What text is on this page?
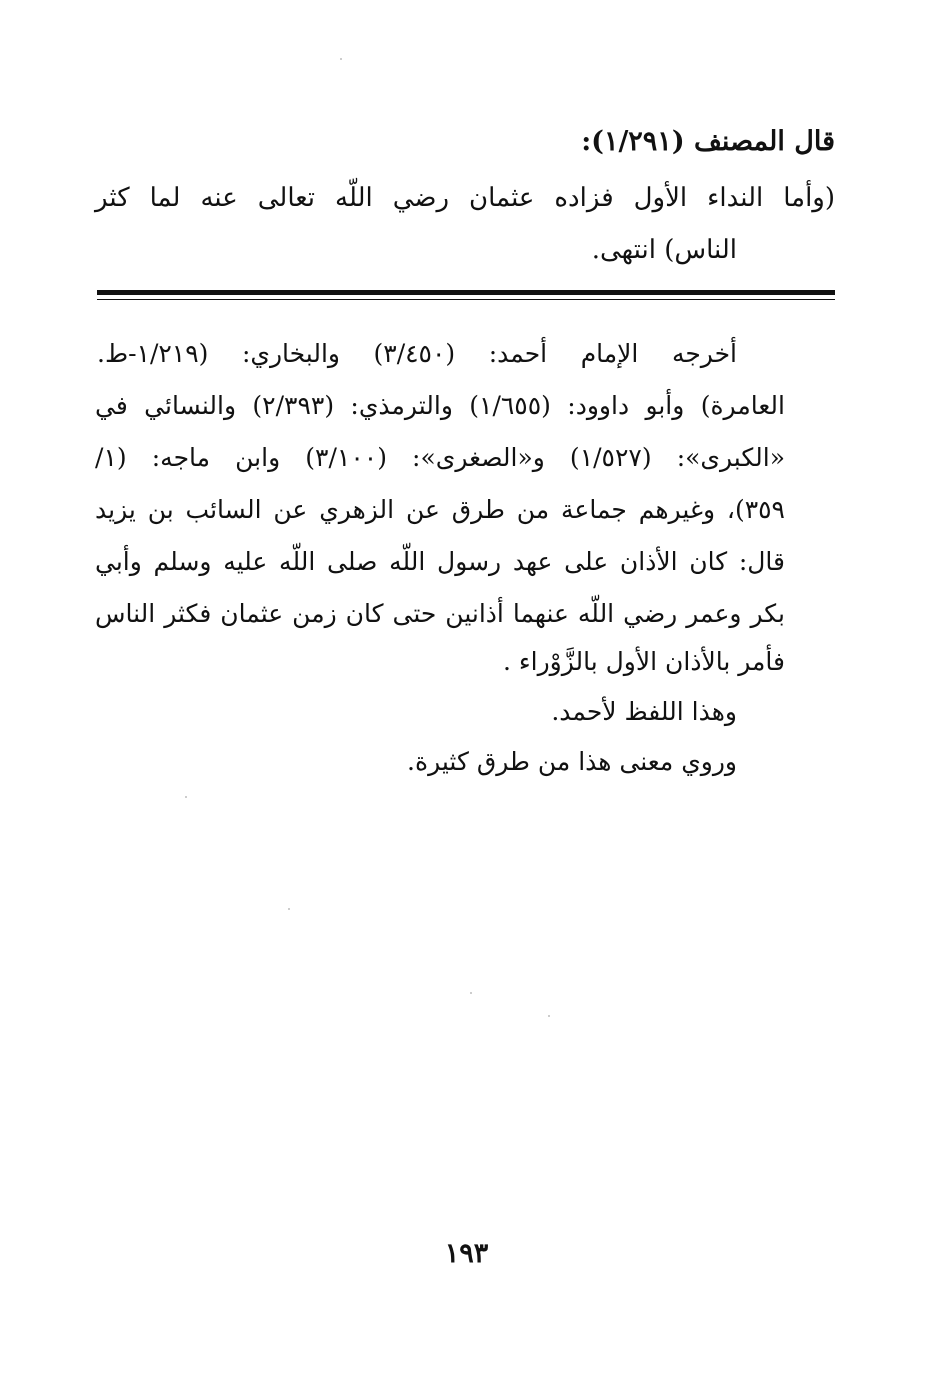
قال المصنف (١/٢٩١):
(وأما النداء الأول فزاده عثمان رضي اللّه تعالى عنه لما كثر
الناس) انتهى.
أخرجه الإمام أحمد: (٣/٤٥٠) والبخاري: (١/٢١٩-ط.
العامرة) وأبو داوود: (١/٦٥٥) والترمذي: (٢/٣٩٣) والنسائي في
«الكبرى»: (١/٥٢٧) و«الصغرى»: (٣/١٠٠) وابن ماجه: (١/
٣٥٩)، وغيرهم جماعة من طرق عن الزهري عن السائب بن يزيد
قال: كان الأذان على عهد رسول اللّه صلى اللّه عليه وسلم وأبي
بكر وعمر رضي اللّه عنهما أذانين حتى كان زمن عثمان فكثر الناس
فأمر بالأذان الأول بالزَّوْراء .
وهذا اللفظ لأحمد.
وروي معنى هذا من طرق كثيرة.
١٩٣
